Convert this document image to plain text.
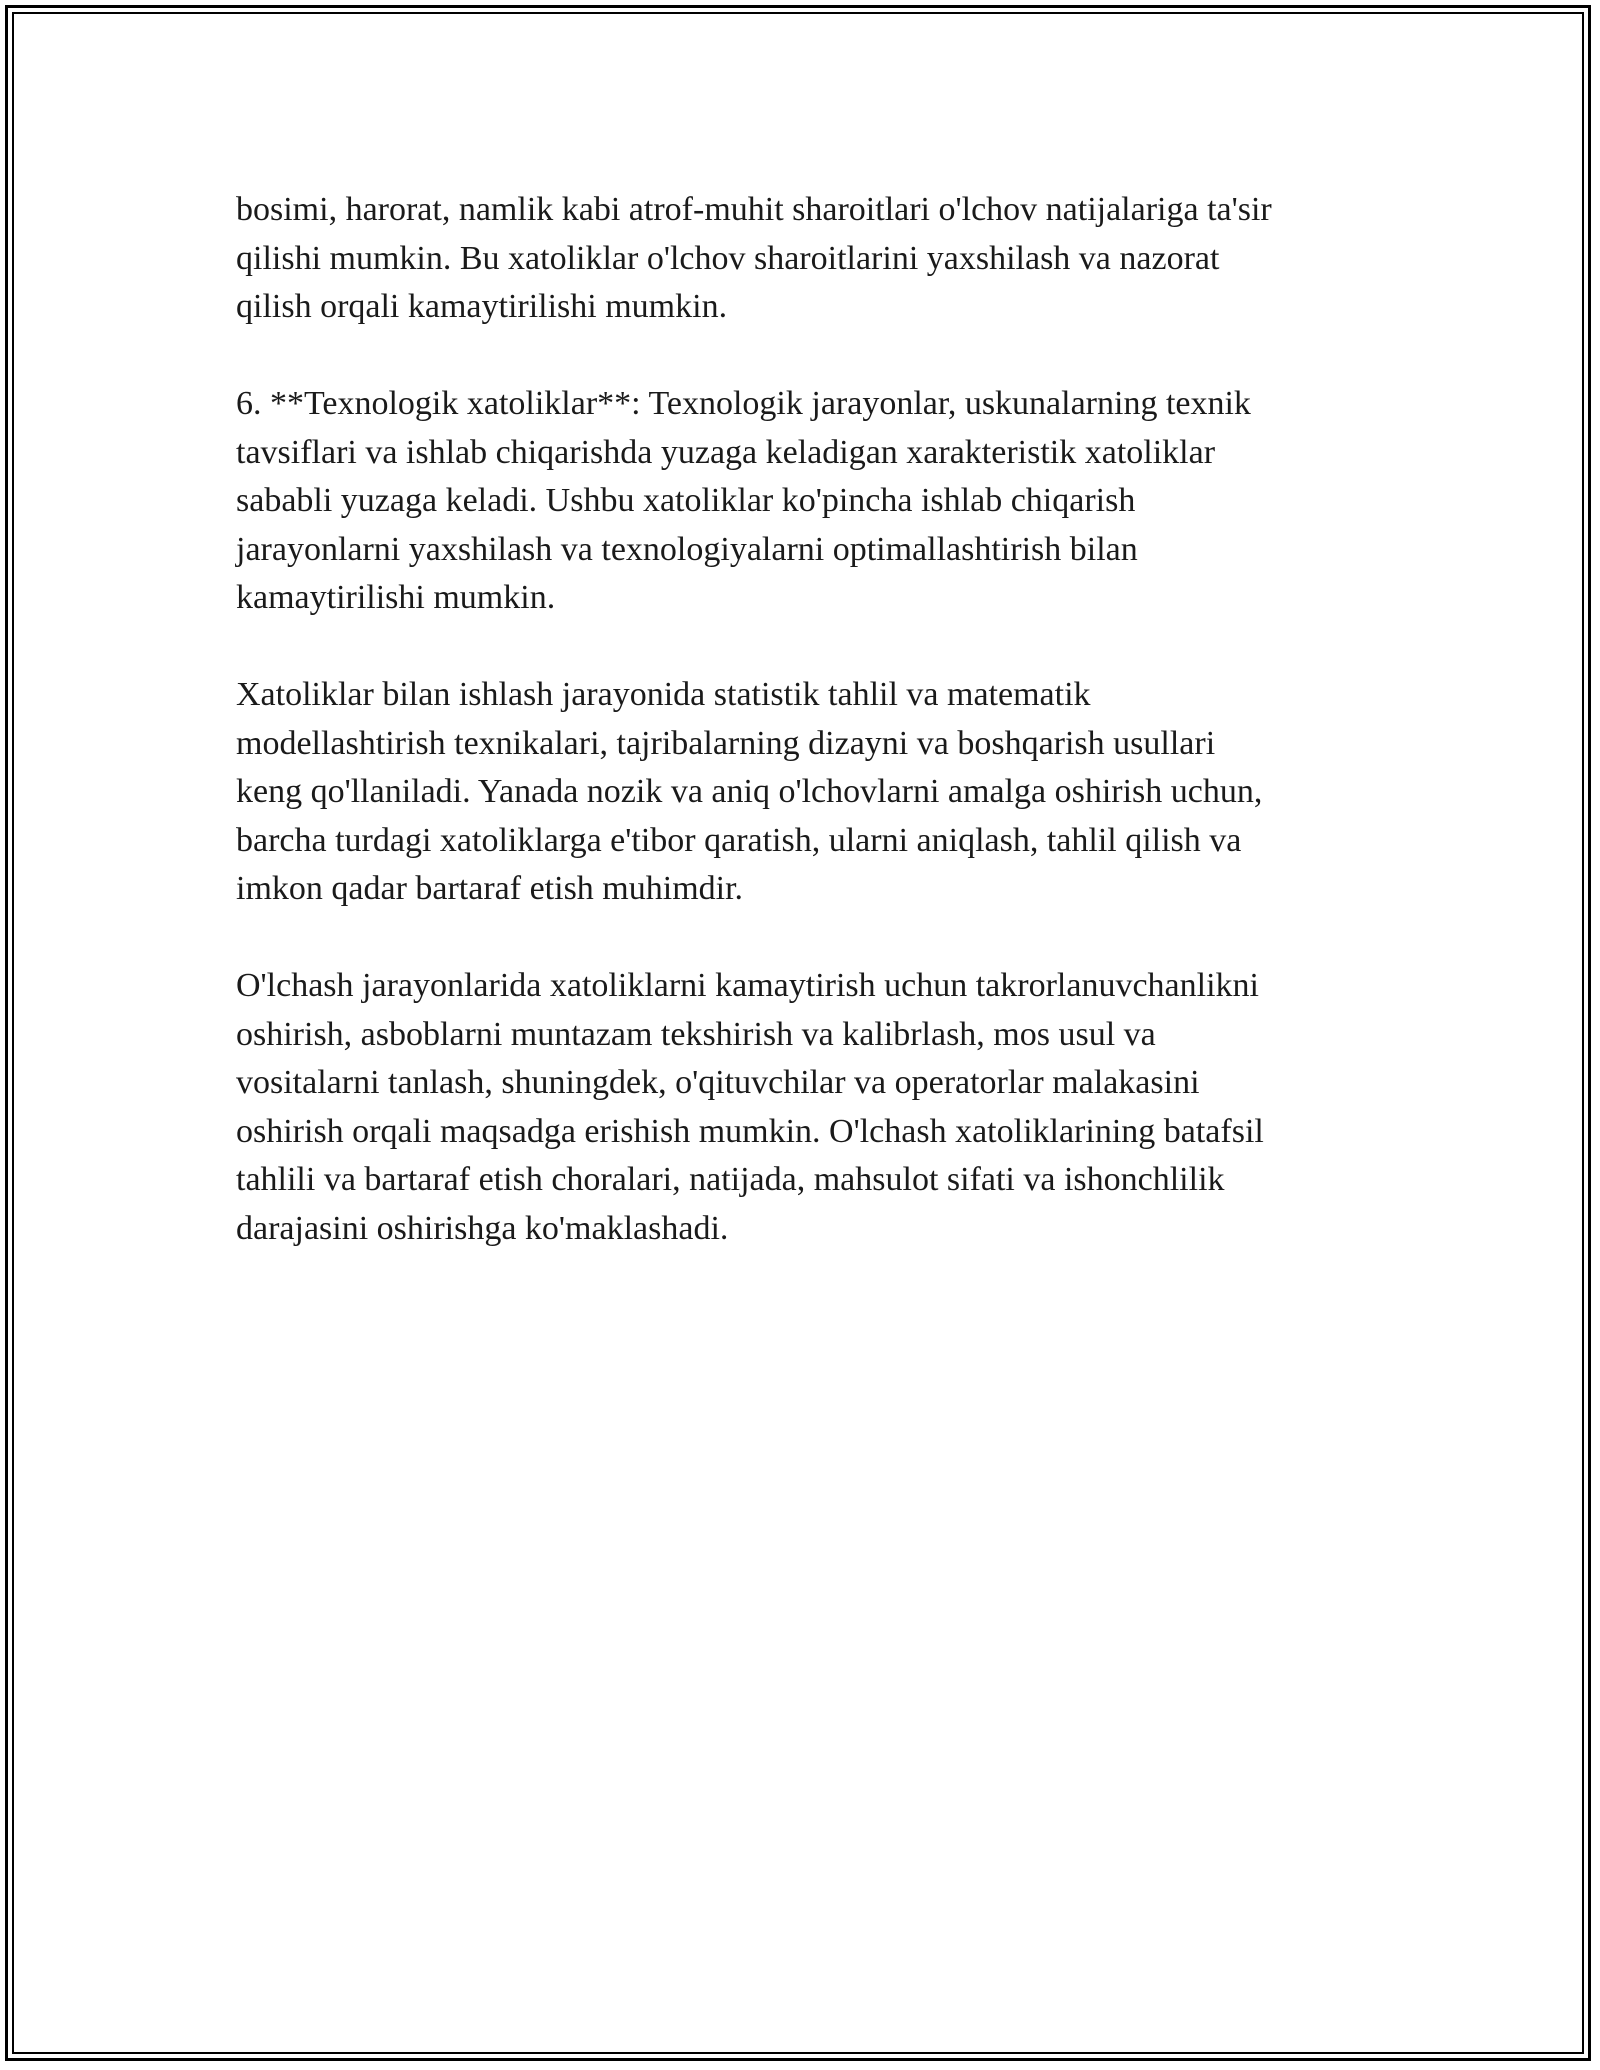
bosimi, harorat, namlik kabi atrof-muhit sharoitlari o'lchov natijalariga ta'sir
qilishi mumkin. Bu xatoliklar o'lchov sharoitlarini yaxshilash va nazorat
qilish orqali kamaytirilishi mumkin.

6. **Texnologik xatoliklar**: Texnologik jarayonlar, uskunalarning texnik
tavsiflari va ishlab chiqarishda yuzaga keladigan xarakteristik xatoliklar
sababli yuzaga keladi. Ushbu xatoliklar ko'pincha ishlab chiqarish
jarayonlarni yaxshilash va texnologiyalarni optimallashtirish bilan
kamaytirilishi mumkin.

Xatoliklar bilan ishlash jarayonida statistik tahlil va matematik
modellashtirish texnikalari, tajribalarning dizayni va boshqarish usullari
keng qo'llaniladi. Yanada nozik va aniq o'lchovlarni amalga oshirish uchun,
barcha turdagi xatoliklarga e'tibor qaratish, ularni aniqlash, tahlil qilish va
imkon qadar bartaraf etish muhimdir.

O'lchash jarayonlarida xatoliklarni kamaytirish uchun takrorlanuvchanlikni
oshirish, asboblarni muntazam tekshirish va kalibrlash, mos usul va
vositalarni tanlash, shuningdek, o'qituvchilar va operatorlar malakasini
oshirish orqali maqsadga erishish mumkin. O'lchash xatoliklarining batafsil
tahlili va bartaraf etish choralari, natijada, mahsulot sifati va ishonchlilik
darajasini oshirishga ko'maklashadi.
